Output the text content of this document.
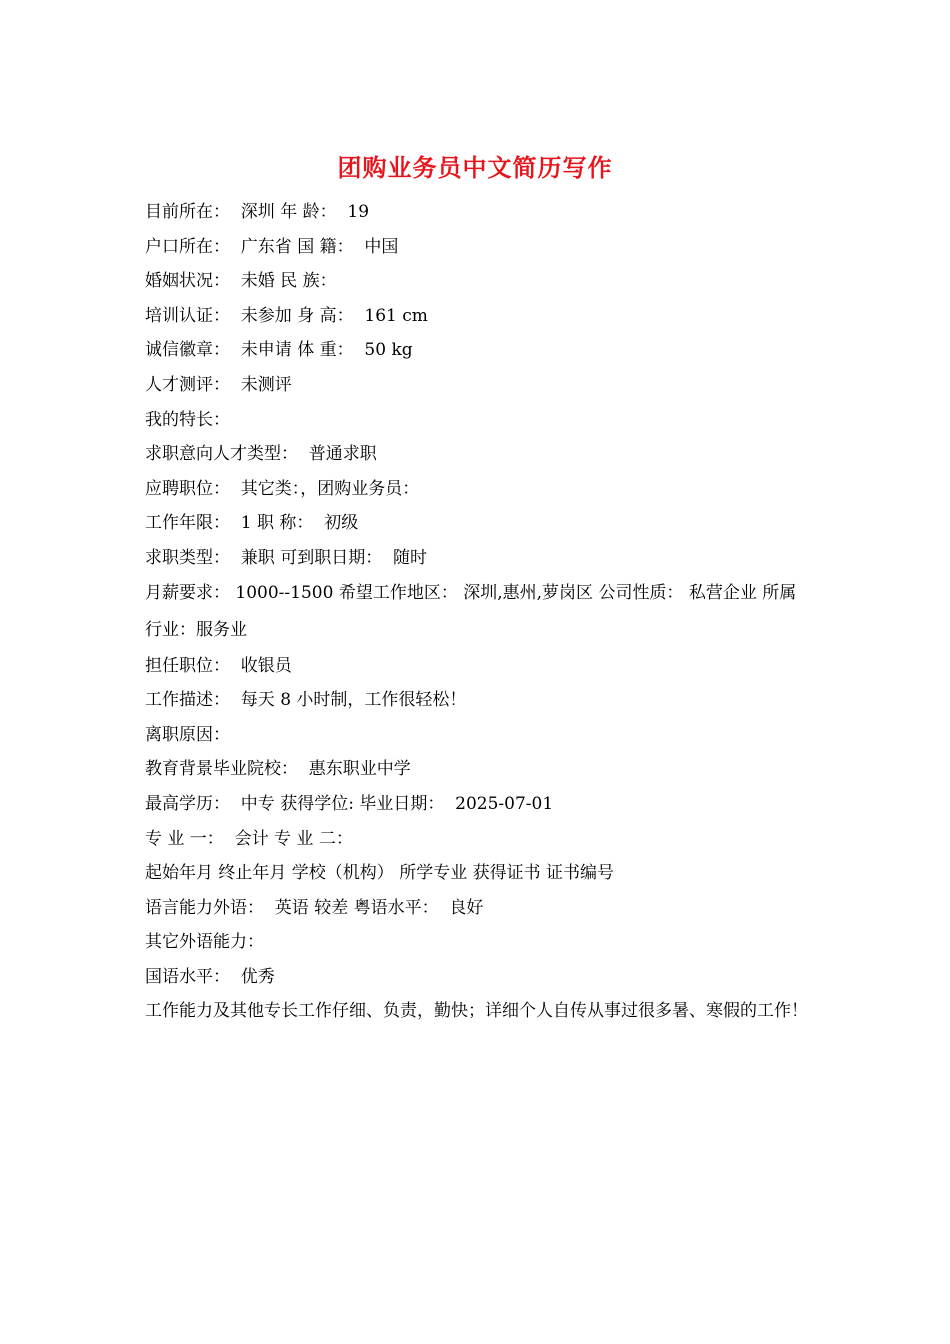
团购业务员中文简历写作
目前所在：  深圳 年 龄：  19
户口所在：  广东省 国 籍：  中国
婚姻状况：  未婚 民 族：
培训认证：  未参加 身 高：  161 cm
诚信徽章：  未申请 体 重：  50 kg
人才测评：  未测评
我的特长：
求职意向人才类型：  普通求职
应聘职位：  其它类：，团购业务员：
工作年限：  1 职 称：  初级
求职类型：  兼职 可到职日期：  随时
月薪要求： 1000--1500 希望工作地区： 深圳,惠州,萝岗区 公司性质： 私营企业 所属行业：服务业
担任职位：  收银员
工作描述：  每天 8 小时制，工作很轻松！
离职原因：
教育背景毕业院校：  惠东职业中学
最高学历：  中专 获得学位: 毕业日期：  2025-07-01
专 业 一：  会计 专 业 二：
起始年月 终止年月 学校（机构） 所学专业 获得证书 证书编号
语言能力外语：  英语 较差 粤语水平：  良好
其它外语能力：
国语水平：  优秀
工作能力及其他专长工作仔细、负责，勤快；详细个人自传从事过很多暑、寒假的工作！
